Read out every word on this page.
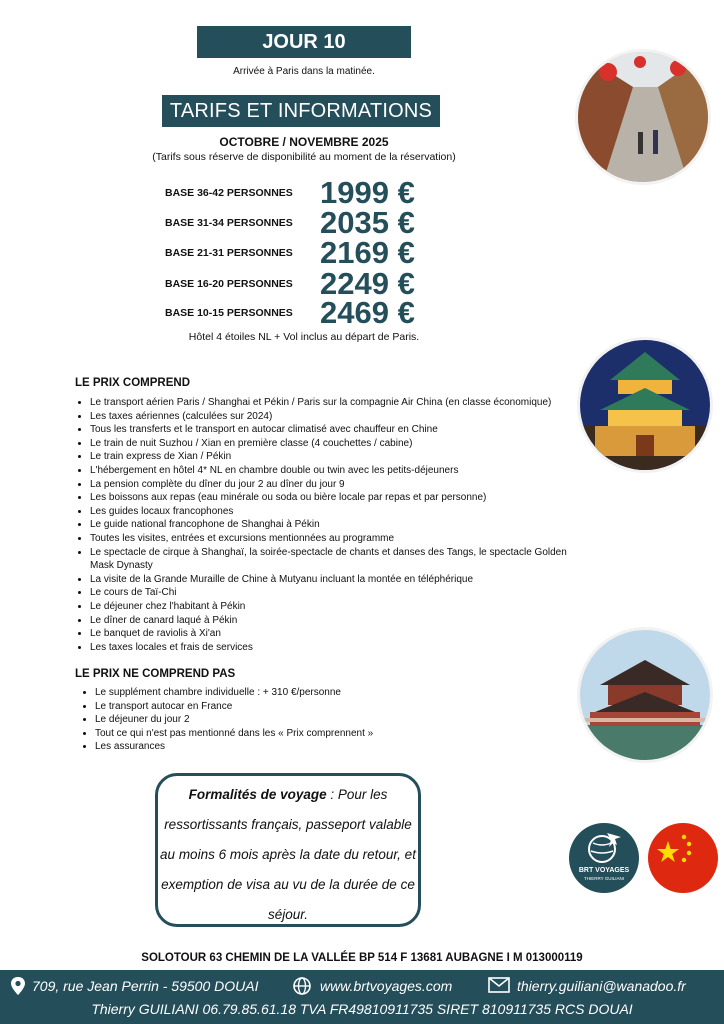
JOUR 10
Arrivée à Paris dans la matinée.
TARIFS ET INFORMATIONS
OCTOBRE / NOVEMBRE 2025
(Tarifs sous réserve de disponibilité au moment de la réservation)
BASE 36-42 PERSONNES 1999 €
BASE 31-34 PERSONNES 2035 €
BASE 21-31 PERSONNES 2169 €
BASE 16-20 PERSONNES 2249 €
BASE 10-15 PERSONNES 2469 €
Hôtel 4 étoiles NL + Vol inclus au départ de Paris.
LE PRIX COMPREND
• Le transport aérien Paris / Shanghai et Pékin / Paris sur la compagnie Air China (en classe économique)
• Les taxes aériennes (calculées sur 2024)
• Tous les transferts et le transport en autocar climatisé avec chauffeur en Chine
• Le train de nuit Suzhou / Xian en première classe (4 couchettes / cabine)
• Le train express de Xian / Pékin
• L'hébergement en hôtel 4* NL en chambre double ou twin avec les petits-déjeuners
• La pension complète du dîner du jour 2 au dîner du jour 9
• Les boissons aux repas (eau minérale ou soda ou bière locale par repas et par personne)
• Les guides locaux francophones
• Le guide national francophone de Shanghai à Pékin
• Toutes les visites, entrées et excursions mentionnées au programme
• Le spectacle de cirque à Shanghaï, la soirée-spectacle de chants et danses des Tangs, le spectacle Golden Mask Dynasty
• La visite de la Grande Muraille de Chine à Mutyanu incluant la montée en téléphérique
• Le cours de Taï-Chi
• Le déjeuner chez l'habitant à Pékin
• Le dîner de canard laqué à Pékin
• Le banquet de raviolis à Xi'an
• Les taxes locales et frais de services
LE PRIX NE COMPREND PAS
• Le supplément chambre individuelle : + 310 €/personne
• Le transport autocar en France
• Le déjeuner du jour 2
• Tout ce qui n'est pas mentionné dans les « Prix comprennent »
• Les assurances
Formalités de voyage : Pour les ressortissants français, passeport valable au moins 6 mois après la date du retour, et exemption de visa au vu de la durée de ce séjour.
BRT VOYAGES
THIERRY GUILIANI
SOLOTOUR 63 CHEMIN DE LA VALLÉE BP 514 F 13681 AUBAGNE I M 013000119
709, rue Jean Perrin - 59500 DOUAI	www.brtvoyages.com	thierry.guiliani@wanadoo.fr
Thierry GUILIANI 06.79.85.61.18 TVA FR49810911735 SIRET 810911735 RCS DOUAI
